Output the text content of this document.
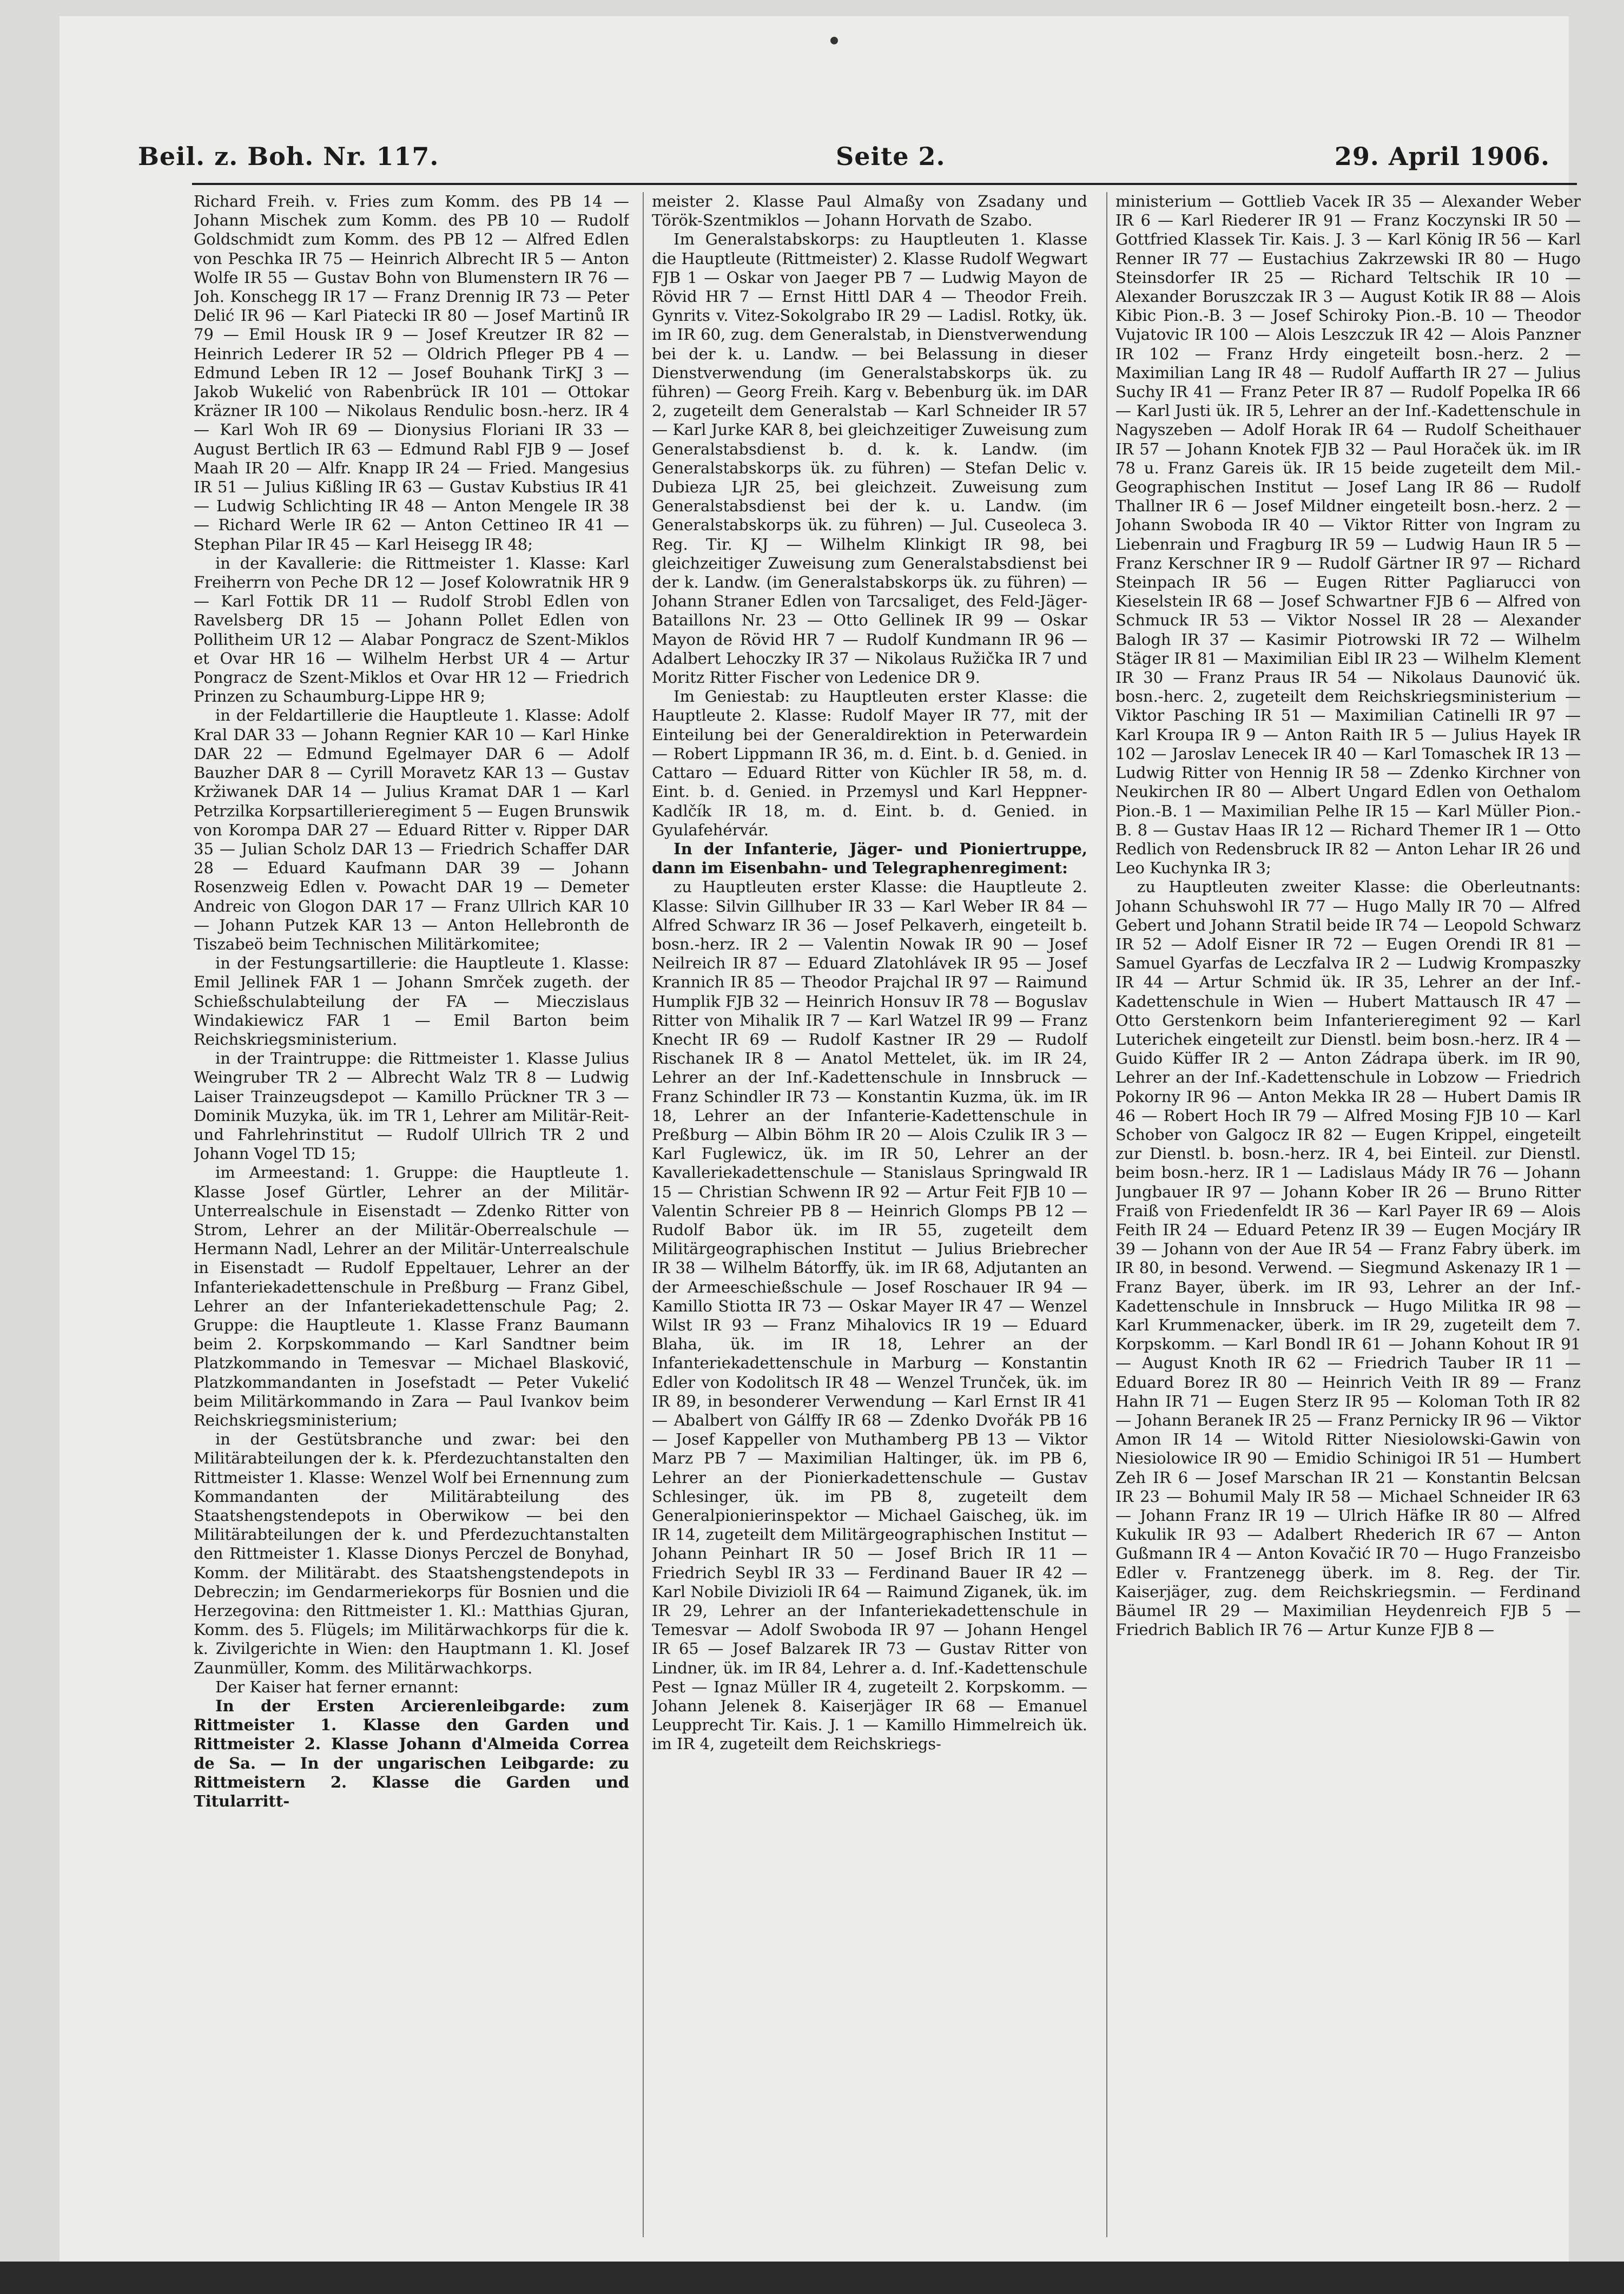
Beil. z. Boh. Nr. 117.	Seite 2.	29. April 1906.

Richard Freih. v. Fries zum Komm. des PB 14 — Johann Mischek zum Komm. des PB 10 — Rudolf Goldschmidt zum Komm. des PB 12 — Alfred Edlen von Peschka IR 75 — Heinrich Albrecht IR 5 — Anton Wolfe IR 55 — Gustav Bohn von Blumenstern IR 76 — Joh. Konschegg IR 17 — Franz Drennig IR 73 — Peter Delić IR 96 — Karl Piatecki IR 80 — Josef Martinů IR 79 — Emil Housk IR 9 — Josef Kreutzer IR 82 — Heinrich Lederer IR 52 — Oldrich Pfleger PB 4 — Edmund Leben IR 12 — Josef Bouhank TirKJ 3 — Jakob Wukelić von Rabenbrück IR 101 — Ottokar Kräzner IR 100 — Nikolaus Rendulic bosn.-herz. IR 4 — Karl Woh IR 69 — Dionysius Floriani IR 33 — August Bertlich IR 63 — Edmund Rabl FJB 9 — Josef Maah IR 20 — Alfr. Knapp IR 24 — Fried. Mangesius IR 51 — Julius Kißling IR 63 — Gustav Kubstius IR 41 — Ludwig Schlichting IR 48 — Anton Mengele IR 38 — Richard Werle IR 62 — Anton Cettineo IR 41 — Stephan Pilar IR 45 — Karl Heisegg IR 48;

in der Kavallerie: die Rittmeister 1. Klasse: Karl Freiherrn von Peche DR 12 — Josef Kolowratnik HR 9 — Karl Fottik DR 11 — Rudolf Strobl Edlen von Ravelsberg DR 15 — Johann Pollet Edlen von Pollitheim UR 12 — Alabar Pongracz de Szent-Miklos et Ovar HR 16 — Wilhelm Herbst UR 4 — Artur Pongracz de Szent-Miklos et Ovar HR 12 — Friedrich Prinzen zu Schaumburg-Lippe HR 9;

in der Feldartillerie die Hauptleute 1. Klasse: Adolf Kral DAR 33 — Johann Regnier KAR 10 — Karl Hinke DAR 22 — Edmund Egelmayer DAR 6 — Adolf Bauzher DAR 8 — Cyrill Moravetz KAR 13 — Gustav Kržiwanek DAR 14 — Julius Kramat DAR 1 — Karl Petrzilka Korpsartillerieregiment 5 — Eugen Brunswik von Korompa DAR 27 — Eduard Ritter v. Ripper DAR 35 — Julian Scholz DAR 13 — Friedrich Schaffer DAR 28 — Eduard Kaufmann DAR 39 — Johann Rosenzweig Edlen v. Powacht DAR 19 — Demeter Andreic von Glogon DAR 17 — Franz Ullrich KAR 10 — Johann Putzek KAR 13 — Anton Hellebronth de Tiszabeö beim Technischen Militärkomitee;

in der Festungsartillerie: die Hauptleute 1. Klasse: Emil Jellinek FAR 1 — Johann Smrček zugeth. der Schießschulabteilung der FA — Mieczislaus Windakiewicz FAR 1 — Emil Barton beim Reichskriegsministerium.

in der Traintruppe: die Rittmeister 1. Klasse Julius Weingruber TR 2 — Albrecht Walz TR 8 — Ludwig Laiser Trainzeugsdepot — Kamillo Prückner TR 3 — Dominik Muzyka, ük. im TR 1, Lehrer am Militär-Reit- und Fahrlehrinstitut — Rudolf Ullrich TR 2 und Johann Vogel TD 15;

im Armeestand: 1. Gruppe: die Hauptleute 1. Klasse Josef Gürtler, Lehrer an der Militär-Unterrealschule in Eisenstadt — Zdenko Ritter von Strom, Lehrer an der Militär-Oberrealschule — Hermann Nadl, Lehrer an der Militär-Unterrealschule in Eisenstadt — Rudolf Eppeltauer, Lehrer an der Infanteriekadettenschule in Preßburg — Franz Gibel, Lehrer an der Infanteriekadettenschule Pag; 2. Gruppe: die Hauptleute 1. Klasse Franz Baumann beim 2. Korpskommando — Karl Sandtner beim Platzkommando in Temesvar — Michael Blasković, Platzkommandanten in Josefstadt — Peter Vukelić beim Militärkommando in Zara — Paul Ivankov beim Reichskriegsministerium;

in der Gestütsbranche und zwar: bei den Militärabteilungen der k. k. Pferdezuchtanstalten den Rittmeister 1. Klasse: Wenzel Wolf bei Ernennung zum Kommandanten der Militärabteilung des Staatshengstendepots in Oberwikow — bei den Militärabteilungen der k. und Pferdezuchtanstalten den Rittmeister 1. Klasse Dionys Perczel de Bonyhad, Komm. der Militärabt. des Staatshengstendepots in Debreczin; im Gendarmeriekorps für Bosnien und die Herzegovina: den Rittmeister 1. Kl.: Matthias Gjuran, Komm. des 5. Flügels; im Militärwachkorps für die k. k. Zivilgerichte in Wien: den Hauptmann 1. Kl. Josef Zaunmüller, Komm. des Militärwachkorps.

Der Kaiser hat ferner ernannt:

In der Ersten Arcierenleibgarde: zum Rittmeister 1. Klasse den Garden und Rittmeister 2. Klasse Johann d'Almeida Correa de Sa. — In der ungarischen Leibgarde: zu Rittmeistern 2. Klasse die Garden und Titularritt-

meister 2. Klasse Paul Almaßy von Zsadany und Török-Szentmiklos — Johann Horvath de Szabo.

Im Generalstabskorps: zu Hauptleuten 1. Klasse die Hauptleute (Rittmeister) 2. Klasse Rudolf Wegwart FJB 1 — Oskar von Jaeger PB 7 — Ludwig Mayon de Rövid HR 7 — Ernst Hittl DAR 4 — Theodor Freih. Gynrits v. Vitez-Sokolgrabo IR 29 — Ladisl. Rotky, ük. im IR 60, zug. dem Generalstab, in Dienstverwendung bei der k. u. Landw. — bei Belassung in dieser Dienstverwendung (im Generalstabskorps ük. zu führen) — Georg Freih. Karg v. Bebenburg ük. im DAR 2, zugeteilt dem Generalstab — Karl Schneider IR 57 — Karl Jurke KAR 8, bei gleichzeitiger Zuweisung zum Generalstabsdienst b. d. k. k. Landw. (im Generalstabskorps ük. zu führen) — Stefan Delic v. Dubieza LJR 25, bei gleichzeit. Zuweisung zum Generalstabsdienst bei der k. u. Landw. (im Generalstabskorps ük. zu führen) — Jul. Cuseoleca 3. Reg. Tir. KJ — Wilhelm Klinkigt IR 98, bei gleichzeitiger Zuweisung zum Generalstabsdienst bei der k. Landw. (im Generalstabskorps ük. zu führen) — Johann Straner Edlen von Tarcsaliget, des Feld-Jäger-Bataillons Nr. 23 — Otto Gellinek IR 99 — Oskar Mayon de Rövid HR 7 — Rudolf Kundmann IR 96 — Adalbert Lehoczky IR 37 — Nikolaus Ružička IR 7 und Moritz Ritter Fischer von Ledenice DR 9.

Im Geniestab: zu Hauptleuten erster Klasse: die Hauptleute 2. Klasse: Rudolf Mayer IR 77, mit der Einteilung bei der Generaldirektion in Peterwardein — Robert Lippmann IR 36, m. d. Eint. b. d. Genied. in Cattaro — Eduard Ritter von Küchler IR 58, m. d. Eint. b. d. Genied. in Przemysl und Karl Heppner-Kadlčík IR 18, m. d. Eint. b. d. Genied. in Gyulafehérvár.

In der Infanterie, Jäger- und Pioniertruppe, dann im Eisenbahn- und Telegraphenregiment:

zu Hauptleuten erster Klasse: die Hauptleute 2. Klasse: Silvin Gillhuber IR 33 — Karl Weber IR 84 — Alfred Schwarz IR 36 — Josef Pelkaverh, eingeteilt b. bosn.-herz. IR 2 — Valentin Nowak IR 90 — Josef Neilreich IR 87 — Eduard Zlatohlávek IR 95 — Josef Krannich IR 85 — Theodor Prajchal IR 97 — Raimund Humplik FJB 32 — Heinrich Honsuv IR 78 — Boguslav Ritter von Mihalik IR 7 — Karl Watzel IR 99 — Franz Knecht IR 69 — Rudolf Kastner IR 29 — Rudolf Rischanek IR 8 — Anatol Mettelet, ük. im IR 24, Lehrer an der Inf.-Kadettenschule in Innsbruck — Franz Schindler IR 73 — Konstantin Kuzma, ük. im IR 18, Lehrer an der Infanterie-Kadettenschule in Preßburg — Albin Böhm IR 20 — Alois Czulik IR 3 — Karl Fuglewicz, ük. im IR 50, Lehrer an der Kavalleriekadettenschule — Stanislaus Springwald IR 15 — Christian Schwenn IR 92 — Artur Feit FJB 10 — Valentin Schreier PB 8 — Heinrich Glomps PB 12 — Rudolf Babor ük. im IR 55, zugeteilt dem Militärgeographischen Institut — Julius Briebrecher IR 38 — Wilhelm Bátorffy, ük. im IR 68, Adjutanten an der Armeeschießschule — Josef Roschauer IR 94 — Kamillo Stiotta IR 73 — Oskar Mayer IR 47 — Wenzel Wilst IR 93 — Franz Mihalovics IR 19 — Eduard Blaha, ük. im IR 18, Lehrer an der Infanteriekadettenschule in Marburg — Konstantin Edler von Kodolitsch IR 48 — Wenzel Trunček, ük. im IR 89, in besonderer Verwendung — Karl Ernst IR 41 — Abalbert von Gálffy IR 68 — Zdenko Dvořák PB 16 — Josef Kappeller von Muthamberg PB 13 — Viktor Marz PB 7 — Maximilian Haltinger, ük. im PB 6, Lehrer an der Pionierkadettenschule — Gustav Schlesinger, ük. im PB 8, zugeteilt dem Generalpionierinspektor — Michael Gaischeg, ük. im IR 14, zugeteilt dem Militärgeographischen Institut — Johann Peinhart IR 50 — Josef Brich IR 11 — Friedrich Seybl IR 33 — Ferdinand Bauer IR 42 — Karl Nobile Divizioli IR 64 — Raimund Ziganek, ük. im IR 29, Lehrer an der Infanteriekadettenschule in Temesvar — Adolf Swoboda IR 97 — Johann Hengel IR 65 — Josef Balzarek IR 73 — Gustav Ritter von Lindner, ük. im IR 84, Lehrer a. d. Inf.-Kadettenschule Pest — Ignaz Müller IR 4, zugeteilt 2. Korpskomm. — Johann Jelenek 8. Kaiserjäger IR 68 — Emanuel Leupprecht Tir. Kais. J. 1 — Kamillo Himmelreich ük. im IR 4, zugeteilt dem Reichskriegs-

ministerium — Gottlieb Vacek IR 35 — Alexander Weber IR 6 — Karl Riederer IR 91 — Franz Koczynski IR 50 — Gottfried Klassek Tir. Kais. J. 3 — Karl König IR 56 — Karl Renner IR 77 — Eustachius Zakrzewski IR 80 — Hugo Steinsdorfer IR 25 — Richard Teltschik IR 10 — Alexander Boruszczak IR 3 — August Kotik IR 88 — Alois Kibic Pion.-B. 3 — Josef Schiroky Pion.-B. 10 — Theodor Vujatovic IR 100 — Alois Leszczuk IR 42 — Alois Panzner IR 102 — Franz Hrdy eingeteilt bosn.-herz. 2 — Maximilian Lang IR 48 — Rudolf Auffarth IR 27 — Julius Suchy IR 41 — Franz Peter IR 87 — Rudolf Popelka IR 66 — Karl Justi ük. IR 5, Lehrer an der Inf.-Kadettenschule in Nagyszeben — Adolf Horak IR 64 — Rudolf Scheithauer IR 57 — Johann Knotek FJB 32 — Paul Horaček ük. im IR 78 u. Franz Gareis ük. IR 15 beide zugeteilt dem Mil.-Geographischen Institut — Josef Lang IR 86 — Rudolf Thallner IR 6 — Josef Mildner eingeteilt bosn.-herz. 2 — Johann Swoboda IR 40 — Viktor Ritter von Ingram zu Liebenrain und Fragburg IR 59 — Ludwig Haun IR 5 — Franz Kerschner IR 9 — Rudolf Gärtner IR 97 — Richard Steinpach IR 56 — Eugen Ritter Pagliarucci von Kieselstein IR 68 — Josef Schwartner FJB 6 — Alfred von Schmuck IR 53 — Viktor Nossel IR 28 — Alexander Balogh IR 37 — Kasimir Piotrowski IR 72 — Wilhelm Stäger IR 81 — Maximilian Eibl IR 23 — Wilhelm Klement IR 30 — Franz Praus IR 54 — Nikolaus Daunović ük. bosn.-herc. 2, zugeteilt dem Reichskriegsministerium — Viktor Pasching IR 51 — Maximilian Catinelli IR 97 — Karl Kroupa IR 9 — Anton Raith IR 5 — Julius Hayek IR 102 — Jaroslav Lenecek IR 40 — Karl Tomaschek IR 13 — Ludwig Ritter von Hennig IR 58 — Zdenko Kirchner von Neukirchen IR 80 — Albert Ungard Edlen von Oethalom Pion.-B. 1 — Maximilian Pelhe IR 15 — Karl Müller Pion.-B. 8 — Gustav Haas IR 12 — Richard Themer IR 1 — Otto Redlich von Redensbruck IR 82 — Anton Lehar IR 26 und Leo Kuchynka IR 3;

zu Hauptleuten zweiter Klasse: die Oberleutnants: Johann Schuhswohl IR 77 — Hugo Mally IR 70 — Alfred Gebert und Johann Stratil beide IR 74 — Leopold Schwarz IR 52 — Adolf Eisner IR 72 — Eugen Orendi IR 81 — Samuel Gyarfas de Leczfalva IR 2 — Ludwig Krompaszky IR 44 — Artur Schmid ük. IR 35, Lehrer an der Inf.-Kadettenschule in Wien — Hubert Mattausch IR 47 — Otto Gerstenkorn beim Infanterieregiment 92 — Karl Luterichek eingeteilt zur Dienstl. beim bosn.-herz. IR 4 — Guido Küffer IR 2 — Anton Zádrapa überk. im IR 90, Lehrer an der Inf.-Kadettenschule in Lobzow — Friedrich Pokorny IR 96 — Anton Mekka IR 28 — Hubert Damis IR 46 — Robert Hoch IR 79 — Alfred Mosing FJB 10 — Karl Schober von Galgocz IR 82 — Eugen Krippel, eingeteilt zur Dienstl. b. bosn.-herz. IR 4, bei Einteil. zur Dienstl. beim bosn.-herz. IR 1 — Ladislaus Mády IR 76 — Johann Jungbauer IR 97 — Johann Kober IR 26 — Bruno Ritter Fraiß von Friedenfeldt IR 36 — Karl Payer IR 69 — Alois Feith IR 24 — Eduard Petenz IR 39 — Eugen Mocjáry IR 39 — Johann von der Aue IR 54 — Franz Fabry überk. im IR 80, in besond. Verwend. — Siegmund Askenazy IR 1 — Franz Bayer, überk. im IR 93, Lehrer an der Inf.-Kadettenschule in Innsbruck — Hugo Militka IR 98 — Karl Krummenacker, überk. im IR 29, zugeteilt dem 7. Korpskomm. — Karl Bondl IR 61 — Johann Kohout IR 91 — August Knoth IR 62 — Friedrich Tauber IR 11 — Eduard Borez IR 80 — Heinrich Veith IR 89 — Franz Hahn IR 71 — Eugen Sterz IR 95 — Koloman Toth IR 82 — Johann Beranek IR 25 — Franz Pernicky IR 96 — Viktor Amon IR 14 — Witold Ritter Niesiolowski-Gawin von Niesiolowice IR 90 — Emidio Schinigoi IR 51 — Humbert Zeh IR 6 — Josef Marschan IR 21 — Konstantin Belcsan IR 23 — Bohumil Maly IR 58 — Michael Schneider IR 63 — Johann Franz IR 19 — Ulrich Häfke IR 80 — Alfred Kukulik IR 93 — Adalbert Rhederich IR 67 — Anton Gußmann IR 4 — Anton Kovačić IR 70 — Hugo Franzeisbo Edler v. Frantzenegg überk. im 8. Reg. der Tir. Kaiserjäger, zug. dem Reichskriegsmin. — Ferdinand Bäumel IR 29 — Maximilian Heydenreich FJB 5 — Friedrich Bablich IR 76 — Artur Kunze FJB 8 —
